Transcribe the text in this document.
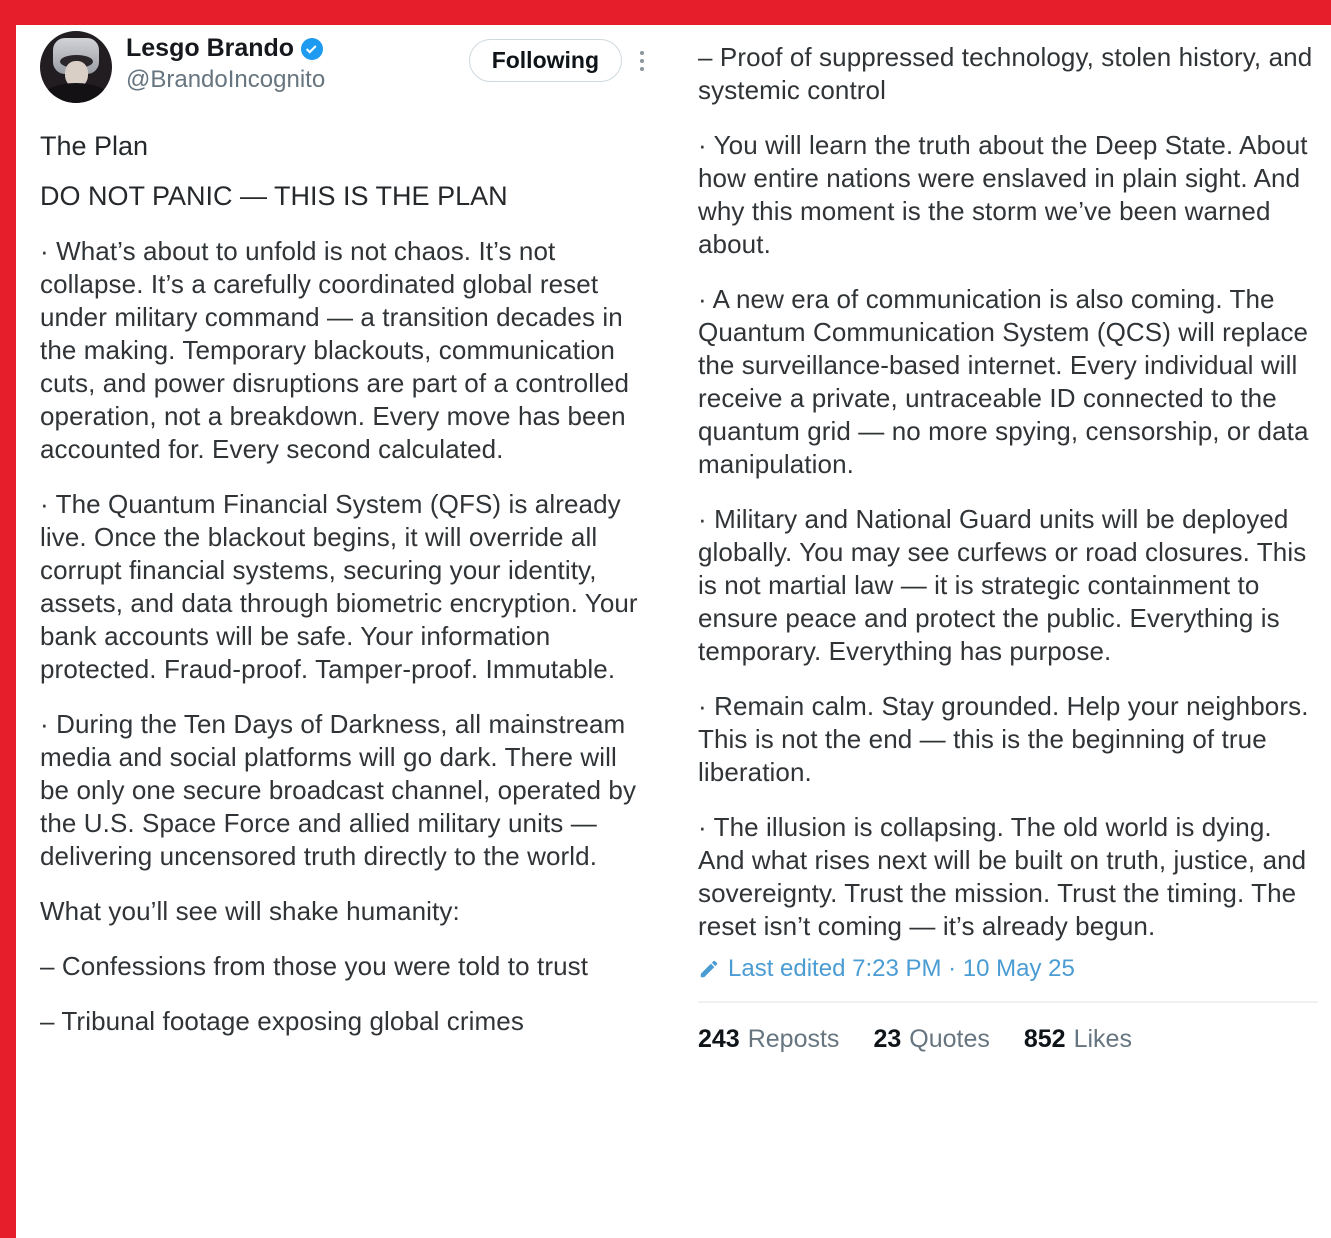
Lesgo Brando
@BrandoIncognito
Following
The Plan
DO NOT PANIC — THIS IS THE PLAN

· What’s about to unfold is not chaos. It’s not collapse. It’s a carefully coordinated global reset under military command — a transition decades in the making. Temporary blackouts, communication cuts, and power disruptions are part of a controlled operation, not a breakdown. Every move has been accounted for. Every second calculated.

· The Quantum Financial System (QFS) is already live. Once the blackout begins, it will override all corrupt financial systems, securing your identity, assets, and data through biometric encryption. Your bank accounts will be safe. Your information protected. Fraud-proof. Tamper-proof. Immutable.

· During the Ten Days of Darkness, all mainstream media and social platforms will go dark. There will be only one secure broadcast channel, operated by the U.S. Space Force and allied military units — delivering uncensored truth directly to the world.

What you’ll see will shake humanity:

– Confessions from those you were told to trust

– Tribunal footage exposing global crimes

– Proof of suppressed technology, stolen history, and systemic control

· You will learn the truth about the Deep State. About how entire nations were enslaved in plain sight. And why this moment is the storm we’ve been warned about.

· A new era of communication is also coming. The Quantum Communication System (QCS) will replace the surveillance-based internet. Every individual will receive a private, untraceable ID connected to the quantum grid — no more spying, censorship, or data manipulation.

· Military and National Guard units will be deployed globally. You may see curfews or road closures. This is not martial law — it is strategic containment to ensure peace and protect the public. Everything is temporary. Everything has purpose.

· Remain calm. Stay grounded. Help your neighbors. This is not the end — this is the beginning of true liberation.

· The illusion is collapsing. The old world is dying. And what rises next will be built on truth, justice, and sovereignty. Trust the mission. Trust the timing. The reset isn’t coming — it’s already begun.

Last edited 7:23 PM · 10 May 25
243 Reposts 23 Quotes 852 Likes
